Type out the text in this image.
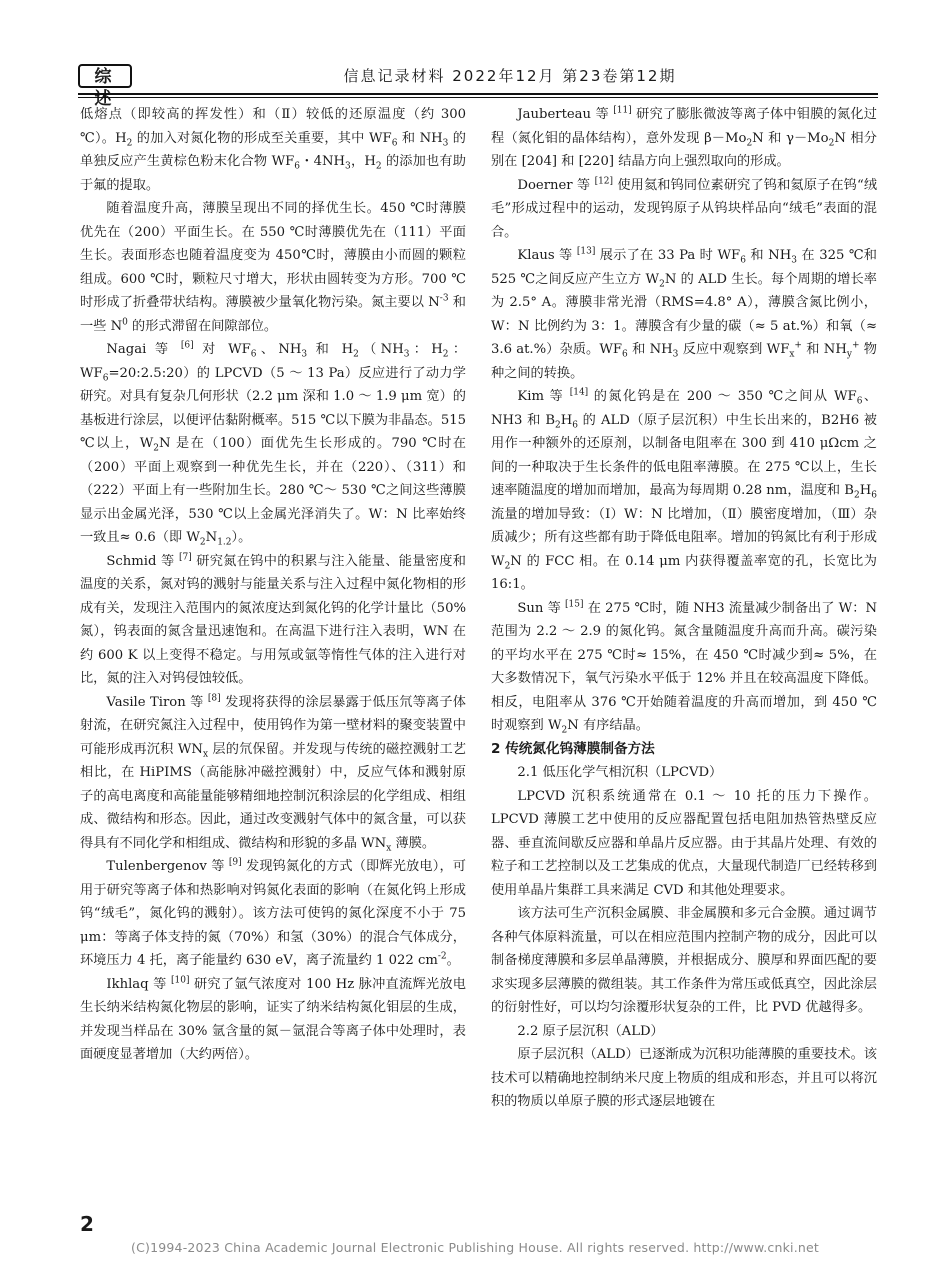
综 述
信息记录材料 2022年12月 第23卷第12期

低熔点（即较高的挥发性）和（Ⅱ）较低的还原温度（约 300 ℃）。$H_2$ 的加入对氮化物的形成至关重要，其中 $WF_6$ 和 $NH_3$ 的单独反应产生黄棕色粉末化合物 $WF_6$・$4NH_3$，$H_2$ 的添加也有助于氟的提取。

随着温度升高，薄膜呈现出不同的择优生长。450 ℃时薄膜优先在（200）平面生长。在 550 ℃时薄膜优先在（111）平面生长。表面形态也随着温度变为 450℃时，薄膜由小而圆的颗粒组成。600 ℃时，颗粒尺寸增大，形状由圆转变为方形。700 ℃时形成了折叠带状结构。薄膜被少量氧化物污染。氮主要以 $N^{-3}$ 和一些 $N^0$ 的形式滞留在间隙部位。

Nagai 等 [6] 对 $WF_6$、$NH_3$ 和 $H_2(NH_3$：$H_2$：$WF_6=20:2.5:20$）的 LPCVD（5 ～ 13 Pa）反应进行了动力学研究。对具有复杂几何形状（2.2 μm 深和 1.0 ～ 1.9 μm 宽）的基板进行涂层，以便评估黏附概率。515 ℃以下膜为非晶态。515 ℃以上，$W_2N$ 是在（100）面优先生长形成的。790 ℃时在（200）平面上观察到一种优先生长，并在（220）、（311）和（222）平面上有一些附加生长。280 ℃～ 530 ℃之间这些薄膜显示出金属光泽，530 ℃以上金属光泽消失了。W：N 比率始终一致且≈ 0.6（即 $W_2N_{1.2}$）。

Schmid 等 [7] 研究氮在钨中的积累与注入能量、能量密度和温度的关系，氮对钨的溅射与能量关系与注入过程中氮化物相的形成有关，发现注入范围内的氮浓度达到氮化钨的化学计量比（50% 氮），钨表面的氮含量迅速饱和。在高温下进行注入表明，WN 在约 600 K 以上变得不稳定。与用氖或氩等惰性气体的注入进行对比，氮的注入对钨侵蚀较低。

Vasile Tiron 等 [8] 发现将获得的涂层暴露于低压氘等离子体射流，在研究氮注入过程中，使用钨作为第一壁材料的聚变装置中可能形成再沉积 $WN_x$ 层的氘保留。并发现与传统的磁控溅射工艺相比，在 HiPIMS（高能脉冲磁控溅射）中，反应气体和溅射原子的高电离度和高能量能够精细地控制沉积涂层的化学组成、相组成、微结构和形态。因此，通过改变溅射气体中的氮含量，可以获得具有不同化学和相组成、微结构和形貌的多晶 $WN_x$ 薄膜。

Tulenbergenov 等 [9] 发现钨氮化的方式（即辉光放电），可用于研究等离子体和热影响对钨氮化表面的影响（在氮化钨上形成钨“绒毛”，氮化钨的溅射）。该方法可使钨的氮化深度不小于 75 μm：等离子体支持的氮（70%）和氢（30%）的混合气体成分，环境压力 4 托，离子能量约 630 eV，离子流量约 1 022 $cm^{-2}$。

Ikhlaq 等 [10] 研究了氩气浓度对 100 Hz 脉冲直流辉光放电生长纳米结构氮化物层的影响，证实了纳米结构氮化钼层的生成，并发现当样品在 30% 氩含量的氮－氩混合等离子体中处理时，表面硬度显著增加（大约两倍）。

Jauberteau 等 [11] 研究了膨胀微波等离子体中钼膜的氮化过程（氮化钼的晶体结构），意外发现 $\beta-Mo_2N$ 和 $\gamma-Mo_2N$ 相分别在 [204] 和 [220] 结晶方向上强烈取向的形成。

Doerner 等 [12] 使用氦和钨同位素研究了钨和氦原子在钨“绒毛”形成过程中的运动，发现钨原子从钨块样品向“绒毛”表面的混合。

Klaus 等 [13] 展示了在 33 Pa 时 $WF_6$ 和 $NH_3$ 在 325 ℃和 525 ℃之间反应产生立方 $W_2N$ 的 ALD 生长。每个周期的增长率为 2.5° A。薄膜非常光滑（RMS=4.8° A），薄膜含氮比例小，W：N 比例约为 3：1。薄膜含有少量的碳（≈ 5 at.%）和氧（≈ 3.6 at.%）杂质。$WF_6$ 和 $NH_3$ 反应中观察到 $WF_x^+$ 和 $NH_y^+$ 物种之间的转换。

Kim 等 [14] 的氮化钨是在 200 ～ 350 ℃之间从 $WF_6$、NH3 和 $B_2H_6$ 的 ALD（原子层沉积）中生长出来的，B2H6 被用作一种额外的还原剂，以制备电阻率在 300 到 410 μΩcm 之间的一种取决于生长条件的低电阻率薄膜。在 275 ℃以上，生长速率随温度的增加而增加，最高为每周期 0.28 nm，温度和 $B_2H_6$ 流量的增加导致：（Ⅰ）W：N 比增加，（Ⅱ）膜密度增加，（Ⅲ）杂质减少；所有这些都有助于降低电阻率。增加的钨氮比有利于形成 $W_2N$ 的 FCC 相。在 0.14 μm 内获得覆盖率宽的孔，长宽比为 16:1。

Sun 等 [15] 在 275 ℃时，随 NH3 流量减少制备出了 W：N 范围为 2.2 ～ 2.9 的氮化钨。氮含量随温度升高而升高。碳污染的平均水平在 275 ℃时≈ 15%，在 450 ℃时减少到≈ 5%，在大多数情况下，氧气污染水平低于 12% 并且在较高温度下降低。相反，电阻率从 376 ℃开始随着温度的升高而增加，到 450 ℃时观察到 $W_2N$ 有序结晶。

2 传统氮化钨薄膜制备方法
2.1 低压化学气相沉积（LPCVD）

LPCVD 沉积系统通常在 0.1 ～ 10 托的压力下操作。LPCVD 薄膜工艺中使用的反应器配置包括电阻加热管热壁反应器、垂直流间歇反应器和单晶片反应器。由于其晶片处理、有效的粒子和工艺控制以及工艺集成的优点，大量现代制造厂已经转移到使用单晶片集群工具来满足 CVD 和其他处理要求。

该方法可生产沉积金属膜、非金属膜和多元合金膜。通过调节各种气体原料流量，可以在相应范围内控制产物的成分，因此可以制备梯度薄膜和多层单晶薄膜，并根据成分、膜厚和界面匹配的要求实现多层薄膜的微组装。其工作条件为常压或低真空，因此涂层的衍射性好，可以均匀涂覆形状复杂的工件，比 PVD 优越得多。

2.2 原子层沉积（ALD）

原子层沉积（ALD）已逐渐成为沉积功能薄膜的重要技术。该技术可以精确地控制纳米尺度上物质的组成和形态，并且可以将沉积的物质以单原子膜的形式逐层地镀在

2
(C)1994-2023 China Academic Journal Electronic Publishing House. All rights reserved. http://www.cnki.net
